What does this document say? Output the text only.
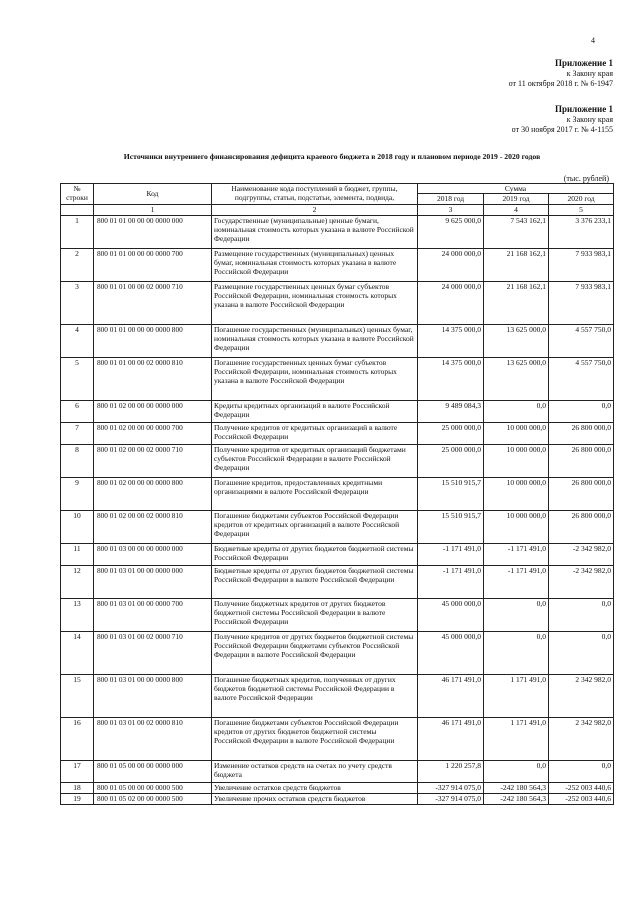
4
Приложение 1
к Закону края
от 11 октября 2018 г. № 6-1947
Приложение 1
к Закону края
от 30 ноября 2017 г. № 4-1155
Источники внутреннего финансирования дефицита краевого бюджета в 2018 году и плановом периоде 2019 - 2020 годов
(тыс. рублей)
№ строки	Код	Наименование кода поступлений в бюджет, группы, подгруппы, статьи, подстатьи, элемента, подвида,	Сумма		
			2018 год	2019 год	2020 год
	1	2	3	4	5
1	800 01 01 00 00 00 0000 000	Государственные (муниципальные) ценные бумаги, номинальная стоимость которых указана в валюте Российской Федерации	9 625 000,0	7 543 162,1	3 376 233,1
2	800 01 01 00 00 00 0000 700	Размещение государственных (муниципальных) ценных бумаг, номинальная стоимость которых указана в валюте Российской Федерации	24 000 000,0	21 168 162,1	7 933 983,1
3	800 01 01 00 00 02 0000 710	Размещение государственных ценных бумаг субъектов Российской Федерации, номинальная стоимость которых указана в валюте Российской Федерации	24 000 000,0	21 168 162,1	7 933 983,1
4	800 01 01 00 00 00 0000 800	Погашение государственных (муниципальных) ценных бумаг, номинальная стоимость которых указана в валюте Российской Федерации	14 375 000,0	13 625 000,0	4 557 750,0
5	800 01 01 00 00 02 0000 810	Погашение государственных ценных бумаг субъектов Российской Федерации, номинальная стоимость которых указана в валюте Российской Федерации	14 375 000,0	13 625 000,0	4 557 750,0
6	800 01 02 00 00 00 0000 000	Кредиты кредитных организаций в валюте Российской Федерации	9 489 084,3	0,0	0,0
7	800 01 02 00 00 00 0000 700	Получение кредитов от кредитных организаций в валюте Российской Федерации	25 000 000,0	10 000 000,0	26 800 000,0
8	800 01 02 00 00 02 0000 710	Получение кредитов от кредитных организаций бюджетами субъектов Российской Федерации в валюте Российской Федерации	25 000 000,0	10 000 000,0	26 800 000,0
9	800 01 02 00 00 00 0000 800	Погашение кредитов, предоставленных кредитными организациями в валюте Российской Федерации	15 510 915,7	10 000 000,0	26 800 000,0
10	800 01 02 00 00 02 0000 810	Погашение бюджетами субъектов Российской Федерации кредитов от кредитных организаций в валюте Российской Федерации	15 510 915,7	10 000 000,0	26 800 000,0
11	800 01 03 00 00 00 0000 000	Бюджетные кредиты от других бюджетов бюджетной системы Российской Федерации	-1 171 491,0	-1 171 491,0	-2 342 982,0
12	800 01 03 01 00 00 0000 000	Бюджетные кредиты от других бюджетов бюджетной системы Российской Федерации в валюте Российской Федерации	-1 171 491,0	-1 171 491,0	-2 342 982,0
13	800 01 03 01 00 00 0000 700	Получение бюджетных кредитов от других бюджетов бюджетной системы Российской Федерации в валюте Российской Федерации	45 000 000,0	0,0	0,0
14	800 01 03 01 00 02 0000 710	Получение кредитов от других бюджетов бюджетной системы Российской Федерации бюджетами субъектов Российской Федерации в валюте Российской Федерации	45 000 000,0	0,0	0,0
15	800 01 03 01 00 00 0000 800	Погашение бюджетных кредитов, полученных от других бюджетов бюджетной системы Российской Федерации в валюте Российской Федерации	46 171 491,0	1 171 491,0	2 342 982,0
16	800 01 03 01 00 02 0000 810	Погашение бюджетами субъектов Российской Федерации кредитов от других бюджетов бюджетной системы Российской Федерации в валюте Российской Федерации	46 171 491,0	1 171 491,0	2 342 982,0
17	800 01 05 00 00 00 0000 000	Изменение остатков средств на счетах по учету средств бюджета	1 220 257,8	0,0	0,0
18	800 01 05 00 00 00 0000 500	Увеличение остатков средств бюджетов	-327 914 075,0	-242 180 564,3	-252 003 440,6
19	800 01 05 02 00 00 0000 500	Увеличение прочих остатков средств бюджетов	-327 914 075,0	-242 180 564,3	-252 003 440,6
